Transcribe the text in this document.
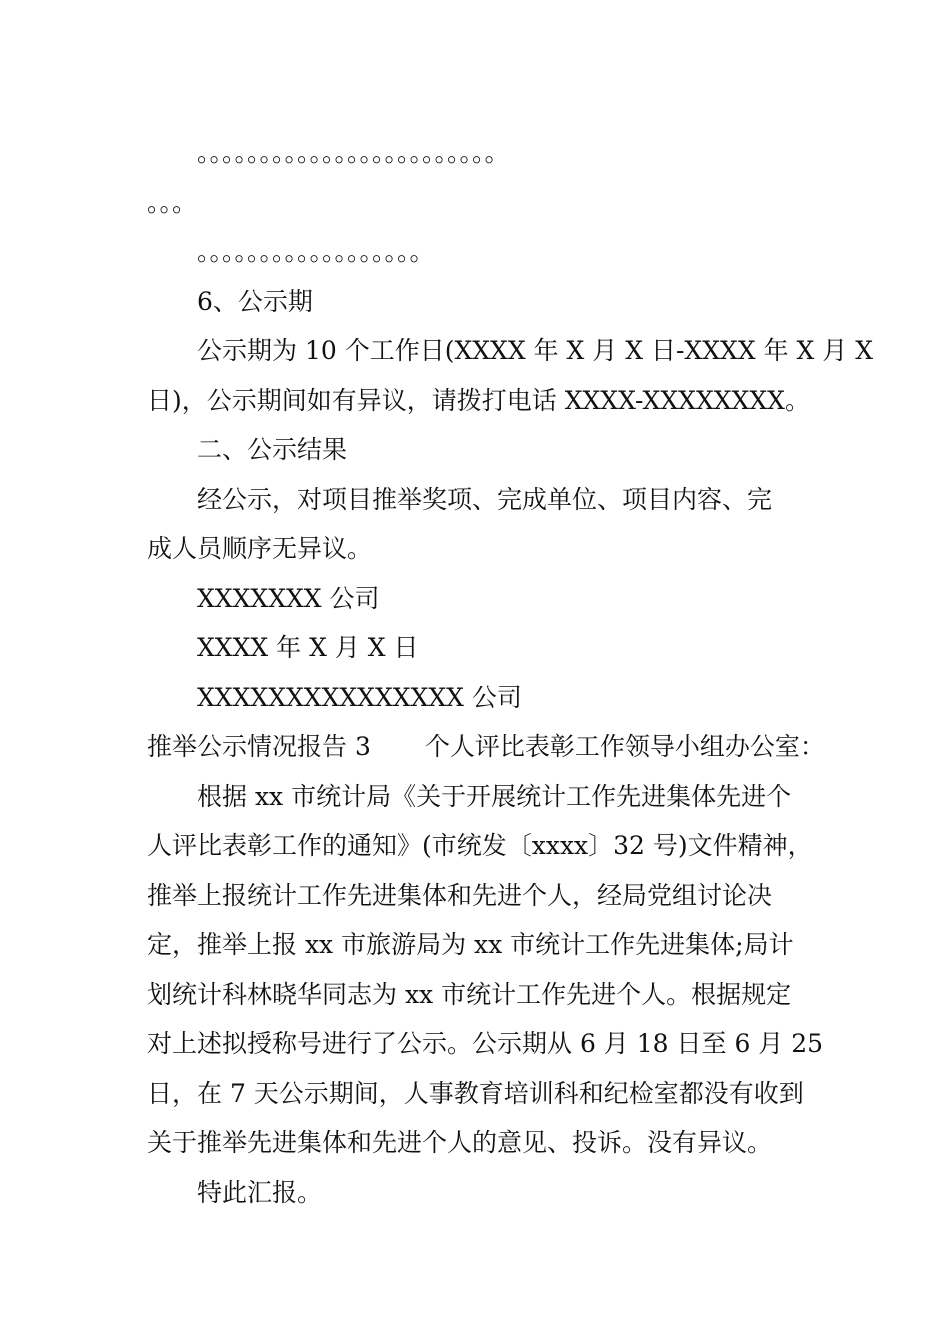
。。。。。。。。。。。。。。。。。。。。。。。。
。。。
。。。。。。。。。。。。。。。。。。
6、公示期
公示期为 10 个工作日(XXXX 年 X 月 X 日-XXXX 年 X 月 X
日)，公示期间如有异议，请拨打电话 XXXX-XXXXXXXX。
二、公示结果
经公示，对项目推举奖项、完成单位、项目内容、完
成人员顺序无异议。
XXXXXXX 公司
XXXX 年 X 月 X 日
XXXXXXXXXXXXXXX 公司
推举公示情况报告 3 个人评比表彰工作领导小组办公室：
根据 xx 市统计局《关于开展统计工作先进集体先进个
人评比表彰工作的通知》(市统发〔xxxx〕32 号)文件精神，
推举上报统计工作先进集体和先进个人，经局党组讨论决
定，推举上报 xx 市旅游局为 xx 市统计工作先进集体;局计
划统计科林晓华同志为 xx 市统计工作先进个人。根据规定
对上述拟授称号进行了公示。公示期从 6 月 18 日至 6 月 25
日，在 7 天公示期间，人事教育培训科和纪检室都没有收到
关于推举先进集体和先进个人的意见、投诉。没有异议。
特此汇报。
